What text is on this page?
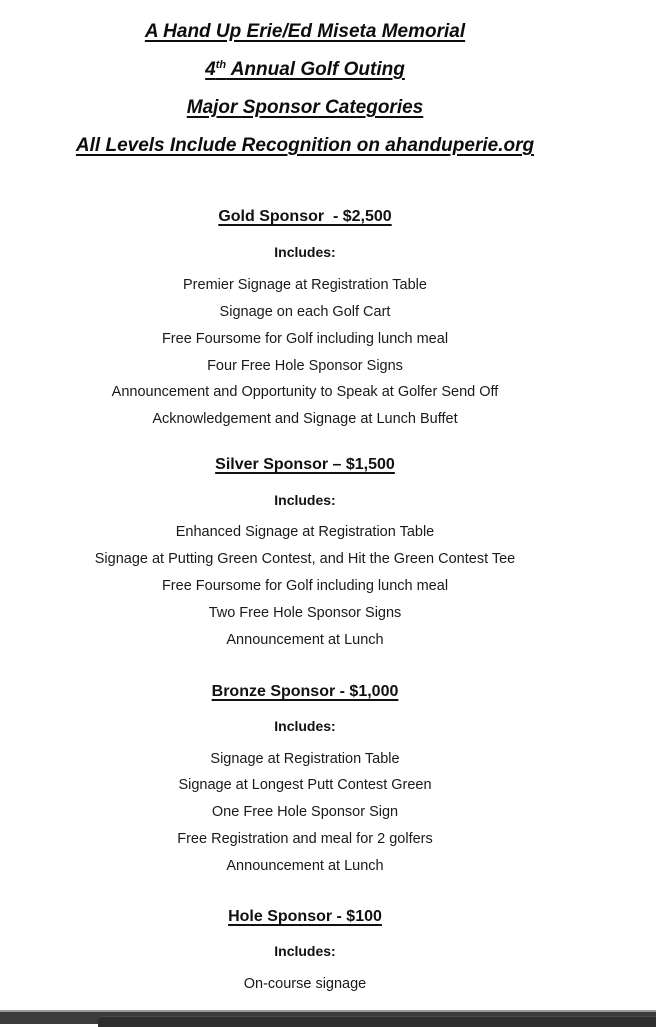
A Hand Up Erie/Ed Miseta Memorial
4th Annual Golf Outing
Major Sponsor Categories
All Levels Include Recognition on ahanduperie.org
Gold Sponsor  - $2,500
Includes:
Premier Signage at Registration Table
Signage on each Golf Cart
Free Foursome for Golf including lunch meal
Four Free Hole Sponsor Signs
Announcement and Opportunity to Speak at Golfer Send Off
Acknowledgement and Signage at Lunch Buffet
Silver Sponsor – $1,500
Includes:
Enhanced Signage at Registration Table
Signage at Putting Green Contest, and Hit the Green Contest Tee
Free Foursome for Golf including lunch meal
Two Free Hole Sponsor Signs
Announcement at Lunch
Bronze Sponsor - $1,000
Includes:
Signage at Registration Table
Signage at Longest Putt Contest Green
One Free Hole Sponsor Sign
Free Registration and meal for 2 golfers
Announcement at Lunch
Hole Sponsor - $100
Includes:
On-course signage
